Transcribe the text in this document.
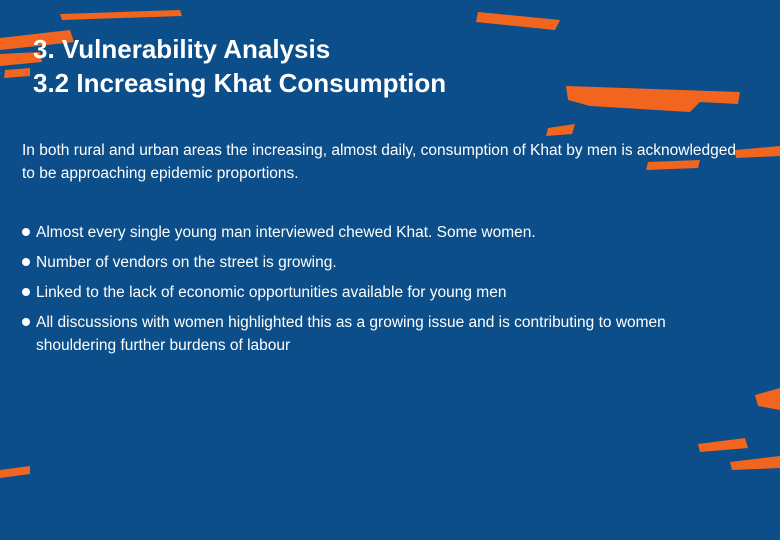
3. Vulnerability Analysis
3.2 Increasing Khat Consumption

In both rural and urban areas the increasing, almost daily, consumption of Khat by men is acknowledged to be approaching epidemic proportions.

Almost every single young man interviewed chewed Khat. Some women.
Number of vendors on the street is growing.
Linked to the lack of economic opportunities available for young men
All discussions with women highlighted this as a growing issue and is contributing to women shouldering further burdens of labour
